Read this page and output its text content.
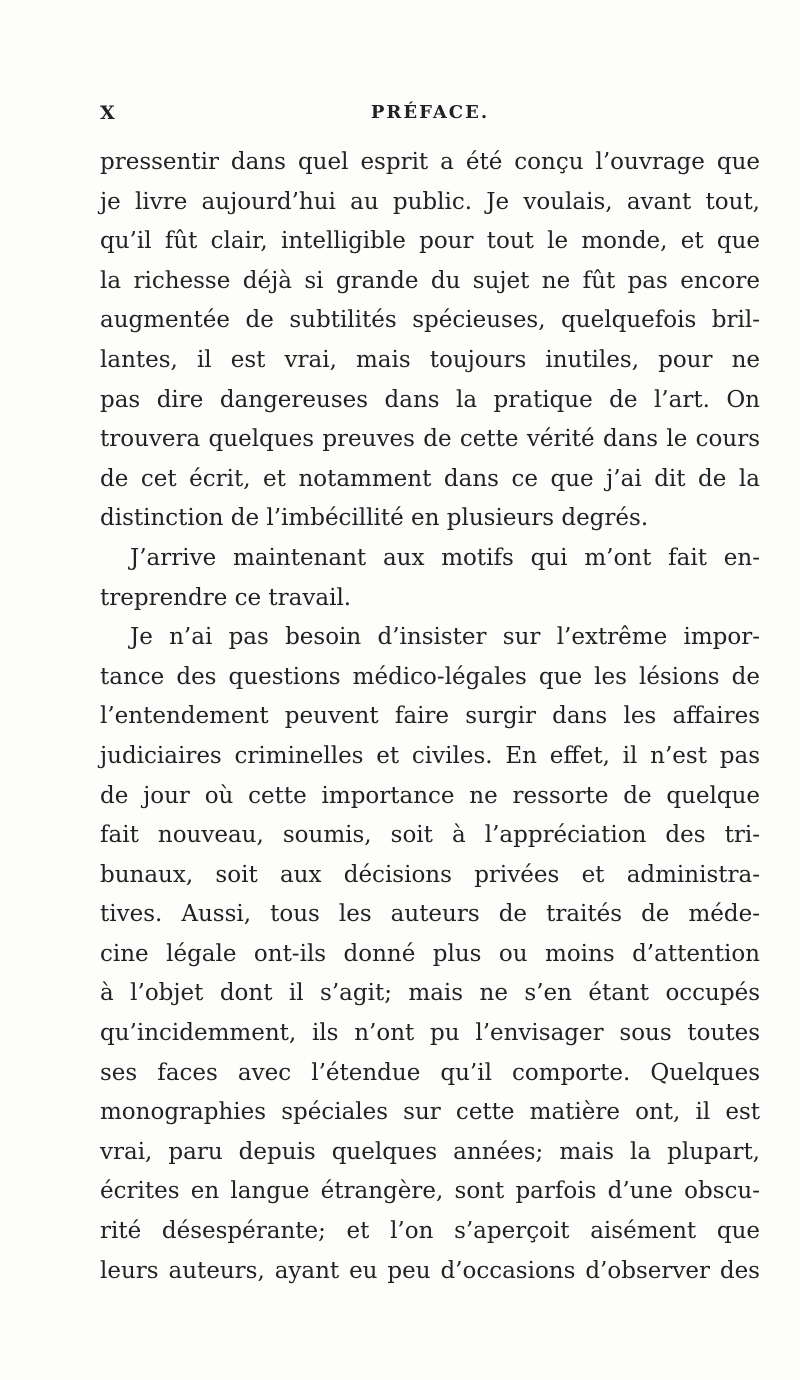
X	PRÉFACE.
pressentir dans quel esprit a été conçu l’ouvrage que
je livre aujourd’hui au public. Je voulais, avant tout,
qu’il fût clair, intelligible pour tout le monde, et que
la richesse déjà si grande du sujet ne fût pas encore
augmentée de subtilités spécieuses, quelquefois bril-
lantes, il est vrai, mais toujours inutiles, pour ne
pas dire dangereuses dans la pratique de l’art. On
trouvera quelques preuves de cette vérité dans le cours
de cet écrit, et notamment dans ce que j’ai dit de la
distinction de l’imbécillité en plusieurs degrés.
J’arrive maintenant aux motifs qui m’ont fait en-
treprendre ce travail.
Je n’ai pas besoin d’insister sur l’extrême impor-
tance des questions médico-légales que les lésions de
l’entendement peuvent faire surgir dans les affaires
judiciaires criminelles et civiles. En effet, il n’est pas
de jour où cette importance ne ressorte de quelque
fait nouveau, soumis, soit à l’appréciation des tri-
bunaux, soit aux décisions privées et administra-
tives. Aussi, tous les auteurs de traités de méde-
cine légale ont-ils donné plus ou moins d’attention
à l’objet dont il s’agit; mais ne s’en étant occupés
qu’incidemment, ils n’ont pu l’envisager sous toutes
ses faces avec l’étendue qu’il comporte. Quelques
monographies spéciales sur cette matière ont, il est
vrai, paru depuis quelques années; mais la plupart,
écrites en langue étrangère, sont parfois d’une obscu-
rité désespérante; et l’on s’aperçoit aisément que
leurs auteurs, ayant eu peu d’occasions d’observer des
